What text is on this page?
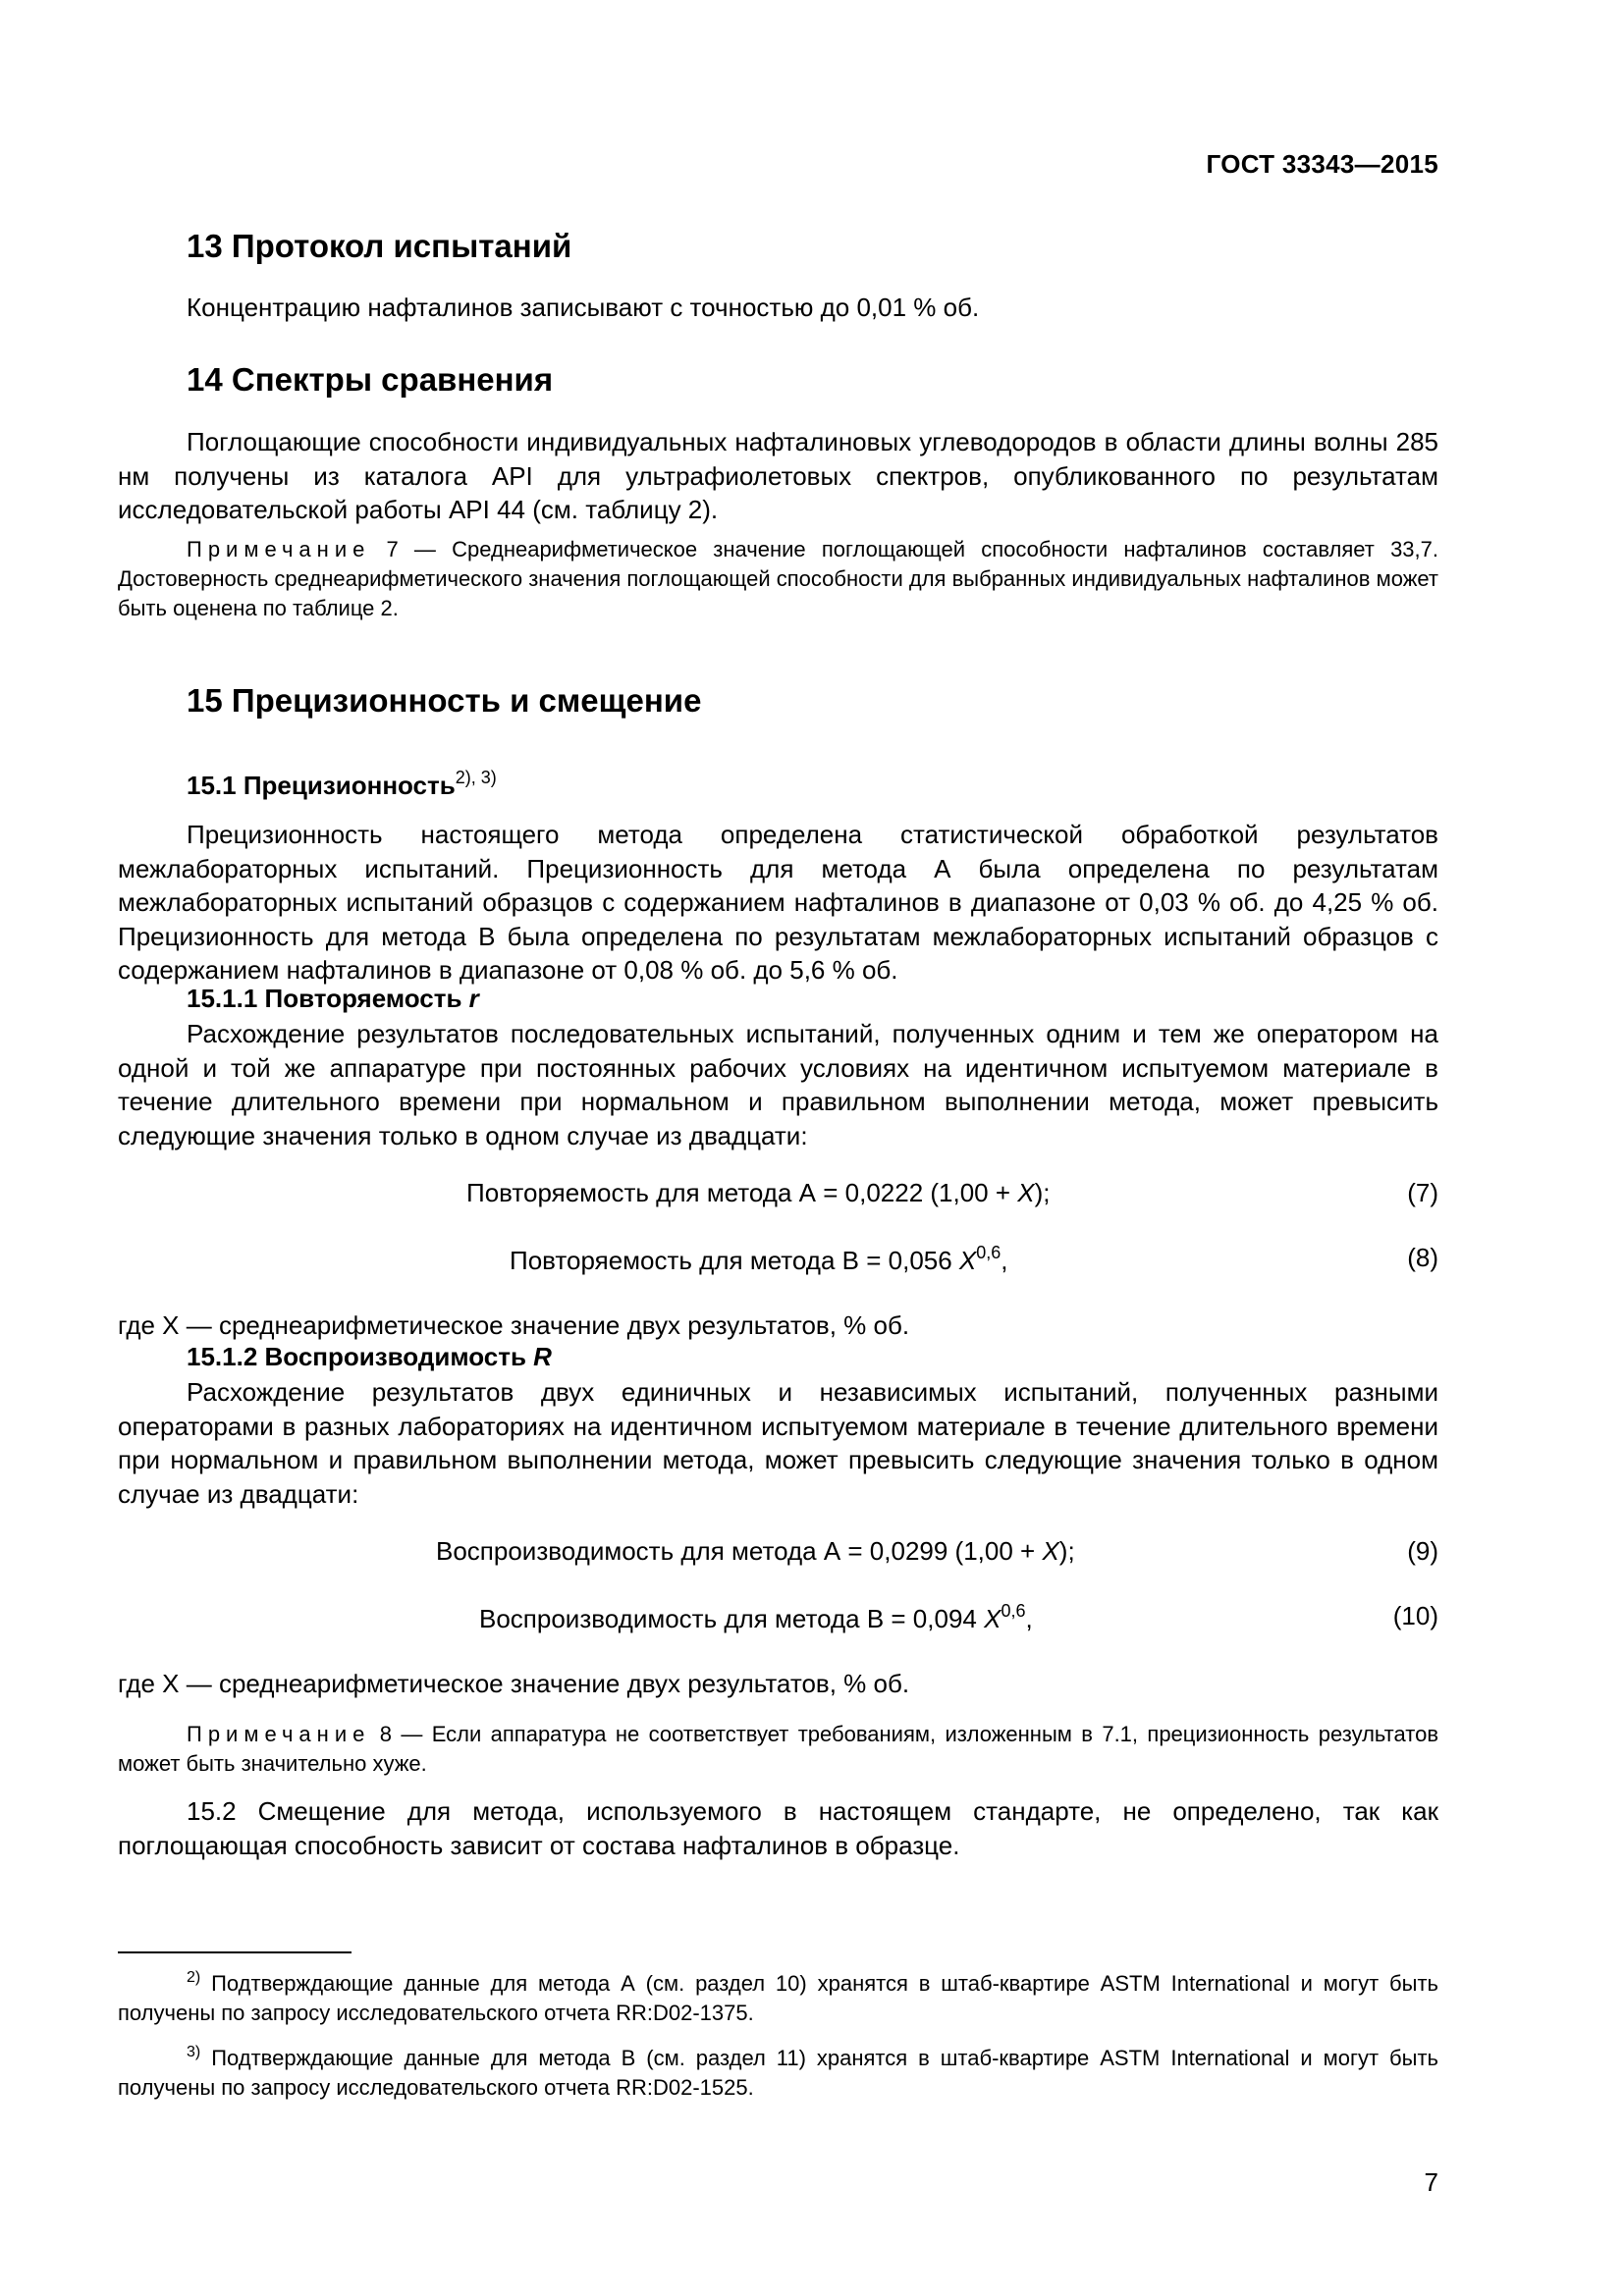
ГОСТ 33343—2015
13 Протокол испытаний

Концентрацию нафталинов записывают с точностью до 0,01 % об.

14 Спектры сравнения

Поглощающие способности индивидуальных нафталиновых углеводородов в области длины волны 285 нм получены из каталога API для ультрафиолетовых спектров, опубликованного по результатам исследовательской работы API 44 (см. таблицу 2).

Примечание 7 — Среднеарифметическое значение поглощающей способности нафталинов составляет 33,7. Достоверность среднеарифметического значения поглощающей способности для выбранных индивидуальных нафталинов может быть оценена по таблице 2.

15 Прецизионность и смещение
15.1 Прецизионность$^{2), 3)}$

Прецизионность настоящего метода определена статистической обработкой результатов межлабораторных испытаний. Прецизионность для метода А была определена по результатам межлабораторных испытаний образцов с содержанием нафталинов в диапазоне от 0,03 % об. до 4,25 % об. Прецизионность для метода В была определена по результатам межлабораторных испытаний образцов с содержанием нафталинов в диапазоне от 0,08 % об. до 5,6 % об.

15.1.1 Повторяемость r

Расхождение результатов последовательных испытаний, полученных одним и тем же оператором на одной и той же аппаратуре при постоянных рабочих условиях на идентичном испытуемом материале в течение длительного времени при нормальном и правильном выполнении метода, может превысить следующие значения только в одном случае из двадцати:

Повторяемость для метода А = 0,0222 (1,00 + X);	(7)
Повторяемость для метода В = 0,056 X$^{0,6}$,	(8)

где X — среднеарифметическое значение двух результатов, % об.

15.1.2 Воспроизводимость R

Расхождение результатов двух единичных и независимых испытаний, полученных разными операторами в разных лабораториях на идентичном испытуемом материале в течение длительного времени при нормальном и правильном выполнении метода, может превысить следующие значения только в одном случае из двадцати:

Воспроизводимость для метода А = 0,0299 (1,00 + X);	(9)
Воспроизводимость для метода В = 0,094 X$^{0,6}$,	(10)

где X — среднеарифметическое значение двух результатов, % об.

Примечание 8 — Если аппаратура не соответствует требованиям, изложенным в 7.1, прецизионность результатов может быть значительно хуже.

15.2 Смещение для метода, используемого в настоящем стандарте, не определено, так как поглощающая способность зависит от состава нафталинов в образце.

$^{2)}$ Подтверждающие данные для метода А (см. раздел 10) хранятся в штаб-квартире ASTM International и могут быть получены по запросу исследовательского отчета RR:D02-1375.

$^{3)}$ Подтверждающие данные для метода В (см. раздел 11) хранятся в штаб-квартире ASTM International и могут быть получены по запросу исследовательского отчета RR:D02-1525.

7
